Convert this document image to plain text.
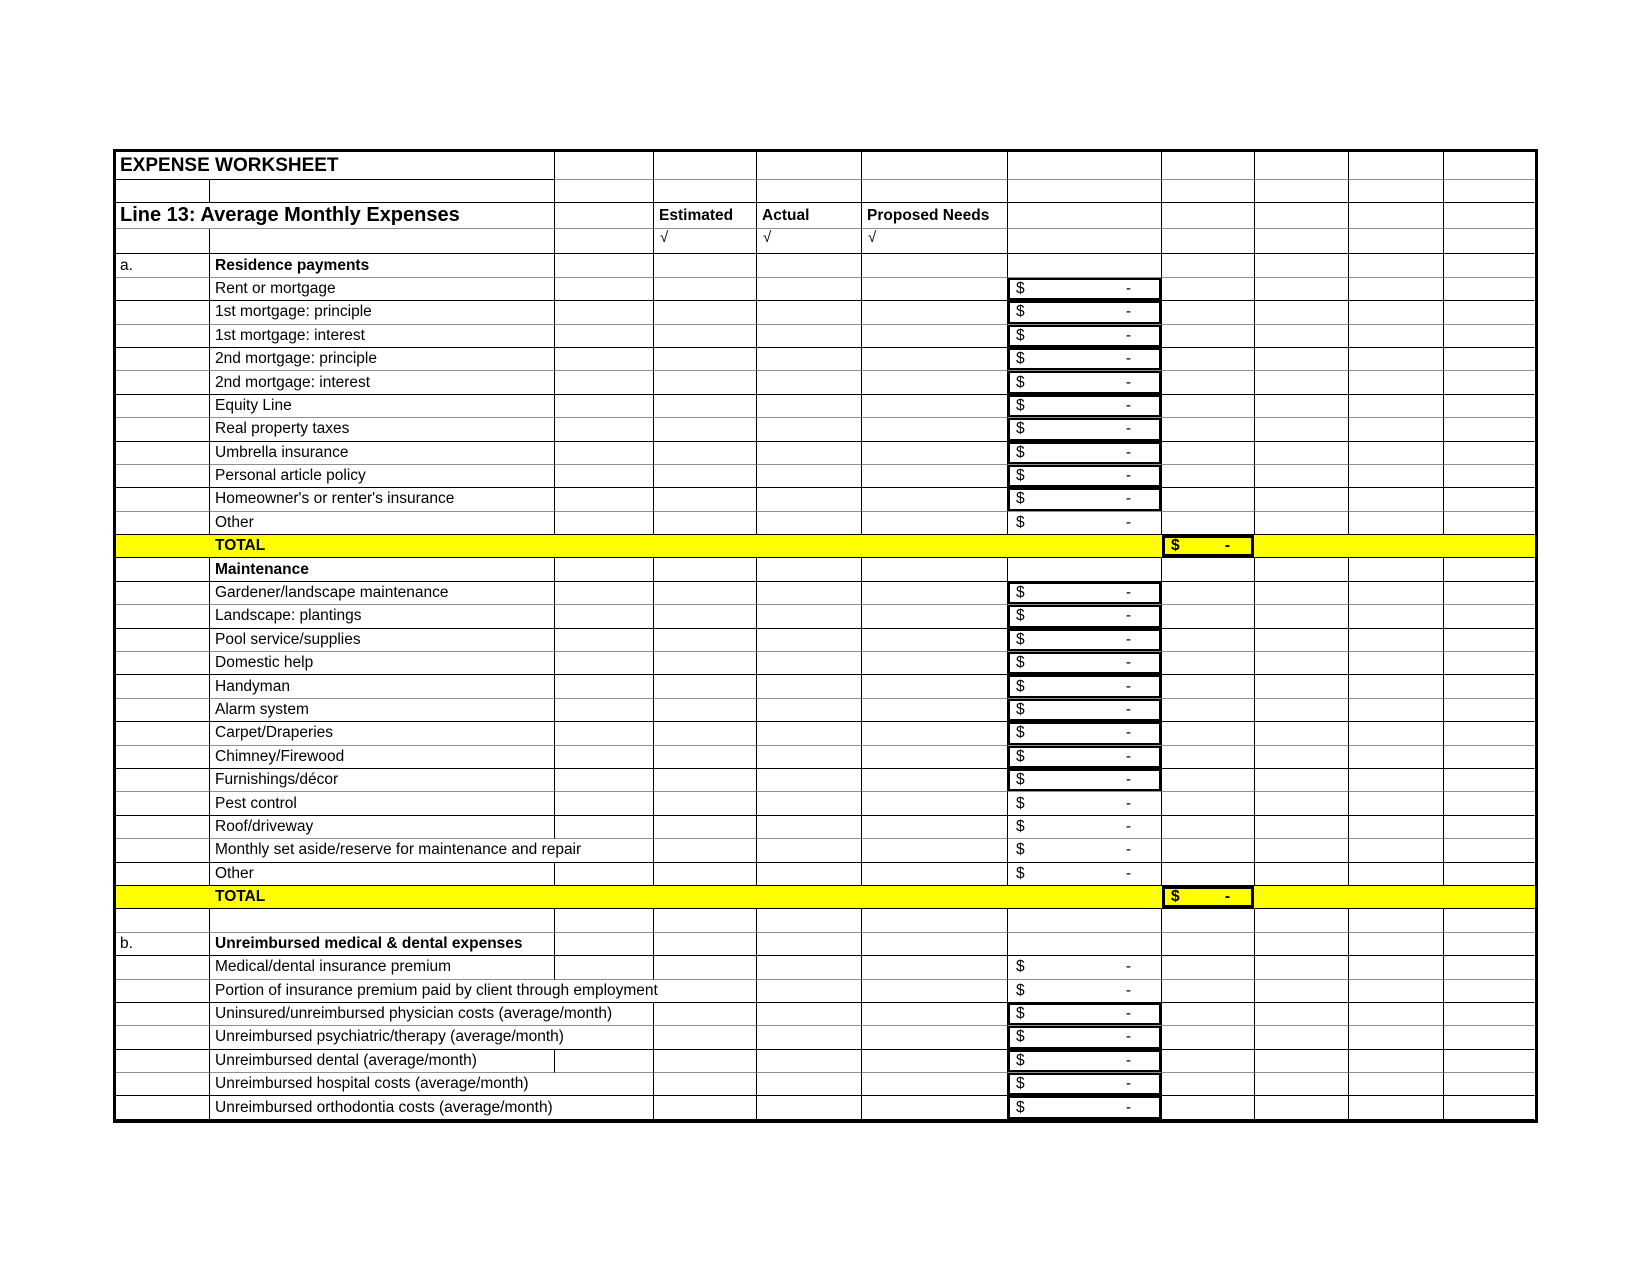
EXPENSE WORKSHEET										

Line 13: Average Monthly Expenses			Estimated	Actual	Proposed Needs					
			√	√	√					
a.	Residence payments									
	Rent or mortgage					$ -				

	1st mortgage: principle					$ -				

	1st mortgage: interest					$ -				

	2nd mortgage: principle					$ -				

	2nd mortgage: interest					$ -				

	Equity Line					$ -				

	Real property taxes					$ -				

	Umbrella insurance					$ -				

	Personal article policy					$ -				

	Homeowner's or renter's insurance					$ -				

	Other					$ -				

TOTAL							$ -			

	Maintenance									
	Gardener/landscape maintenance					$ -				

	Landscape: plantings					$ -				

	Pool service/supplies					$ -				

	Domestic help					$ -				

	Handyman					$ -				

	Alarm system					$ -				

	Carpet/Draperies					$ -				

	Chimney/Firewood					$ -				

	Furnishings/décor					$ -				

	Pest control					$ -				

	Roof/driveway					$ -				

	Monthly set aside/reserve for maintenance and repair					$ -				

	Other					$ -				

TOTAL							$ -			

b.	Unreimbursed medical & dental expenses									
	Medical/dental insurance premium					$ -				

	Portion of insurance premium paid by client through employment					$ -				

	Uninsured/unreimbursed physician costs (average/month)					$ -				

	Unreimbursed psychiatric/therapy (average/month)					$ -				

	Unreimbursed dental (average/month)					$ -				

	Unreimbursed hospital costs (average/month)					$ -				

	Unreimbursed orthodontia costs (average/month)					$ -				
